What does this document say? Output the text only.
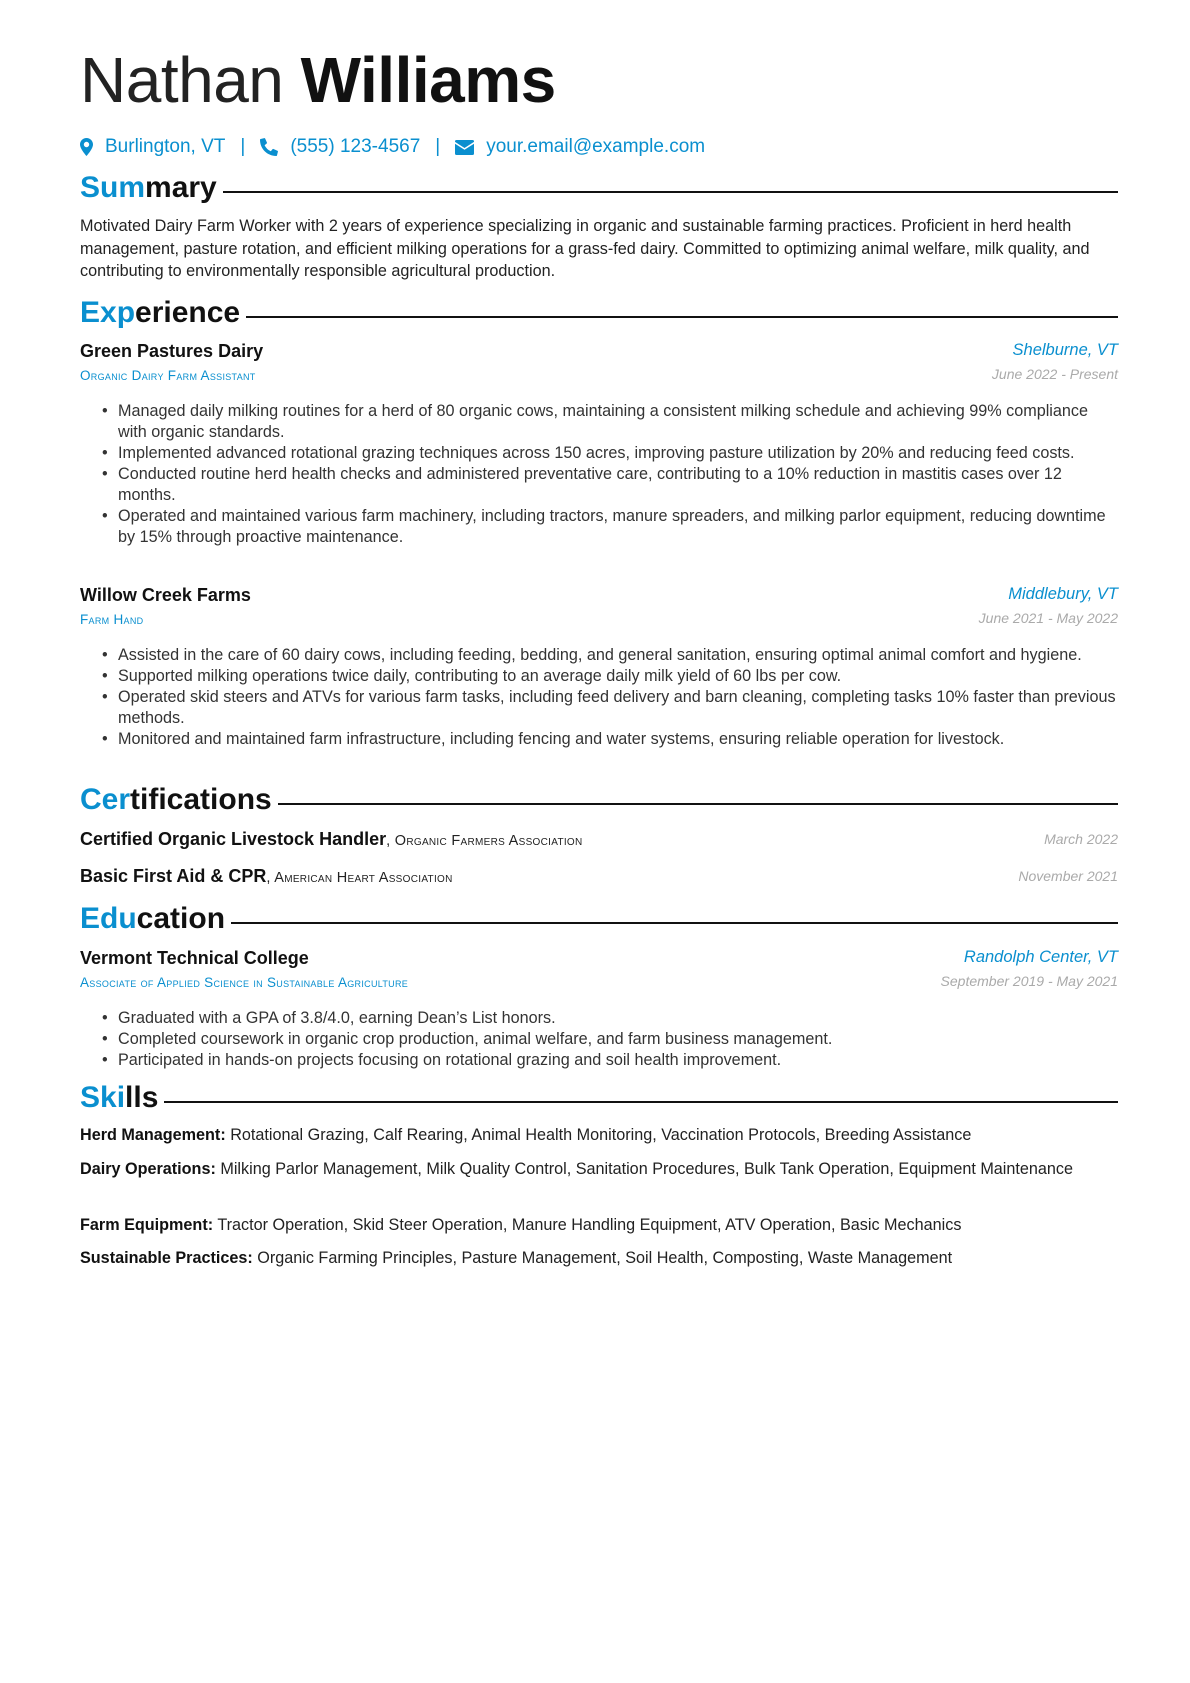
Nathan Williams
Burlington, VT | (555) 123-4567 | your.email@example.com
Sum mary
Motivated Dairy Farm Worker with 2 years of experience specializing in organic and sustainable farming practices. Proficient in herd health management, pasture rotation, and efficient milking operations for a grass-fed dairy. Committed to optimizing animal welfare, milk quality, and contributing to environmentally responsible agricultural production.
Exp erience
Green Pastures Dairy	Shelburne, VT
Organic Dairy Farm Assistant	June 2022 - Present
• Managed daily milking routines for a herd of 80 organic cows, maintaining a consistent milking schedule and achieving 99% compliance with organic standards.
• Implemented advanced rotational grazing techniques across 150 acres, improving pasture utilization by 20% and reducing feed costs.
• Conducted routine herd health checks and administered preventative care, contributing to a 10% reduction in mastitis cases over 12 months.
• Operated and maintained various farm machinery, including tractors, manure spreaders, and milking parlor equipment, reducing downtime by 15% through proactive maintenance.
Willow Creek Farms	Middlebury, VT
Farm Hand	June 2021 - May 2022
• Assisted in the care of 60 dairy cows, including feeding, bedding, and general sanitation, ensuring optimal animal comfort and hygiene.
• Supported milking operations twice daily, contributing to an average daily milk yield of 60 lbs per cow.
• Operated skid steers and ATVs for various farm tasks, including feed delivery and barn cleaning, completing tasks 10% faster than previous methods.
• Monitored and maintained farm infrastructure, including fencing and water systems, ensuring reliable operation for livestock.
Cer tifications
Certified Organic Livestock Handler, Organic Farmers Association	March 2022
Basic First Aid & CPR, American Heart Association	November 2021
Edu cation
Vermont Technical College	Randolph Center, VT
Associate of Applied Science in Sustainable Agriculture	September 2019 - May 2021
• Graduated with a GPA of 3.8/4.0, earning Dean’s List honors.
• Completed coursework in organic crop production, animal welfare, and farm business management.
• Participated in hands-on projects focusing on rotational grazing and soil health improvement.
Ski lls
Herd Management: Rotational Grazing, Calf Rearing, Animal Health Monitoring, Vaccination Protocols, Breeding Assistance
Dairy Operations: Milking Parlor Management, Milk Quality Control, Sanitation Procedures, Bulk Tank Operation, Equipment Maintenance
Farm Equipment: Tractor Operation, Skid Steer Operation, Manure Handling Equipment, ATV Operation, Basic Mechanics
Sustainable Practices: Organic Farming Principles, Pasture Management, Soil Health, Composting, Waste Management
